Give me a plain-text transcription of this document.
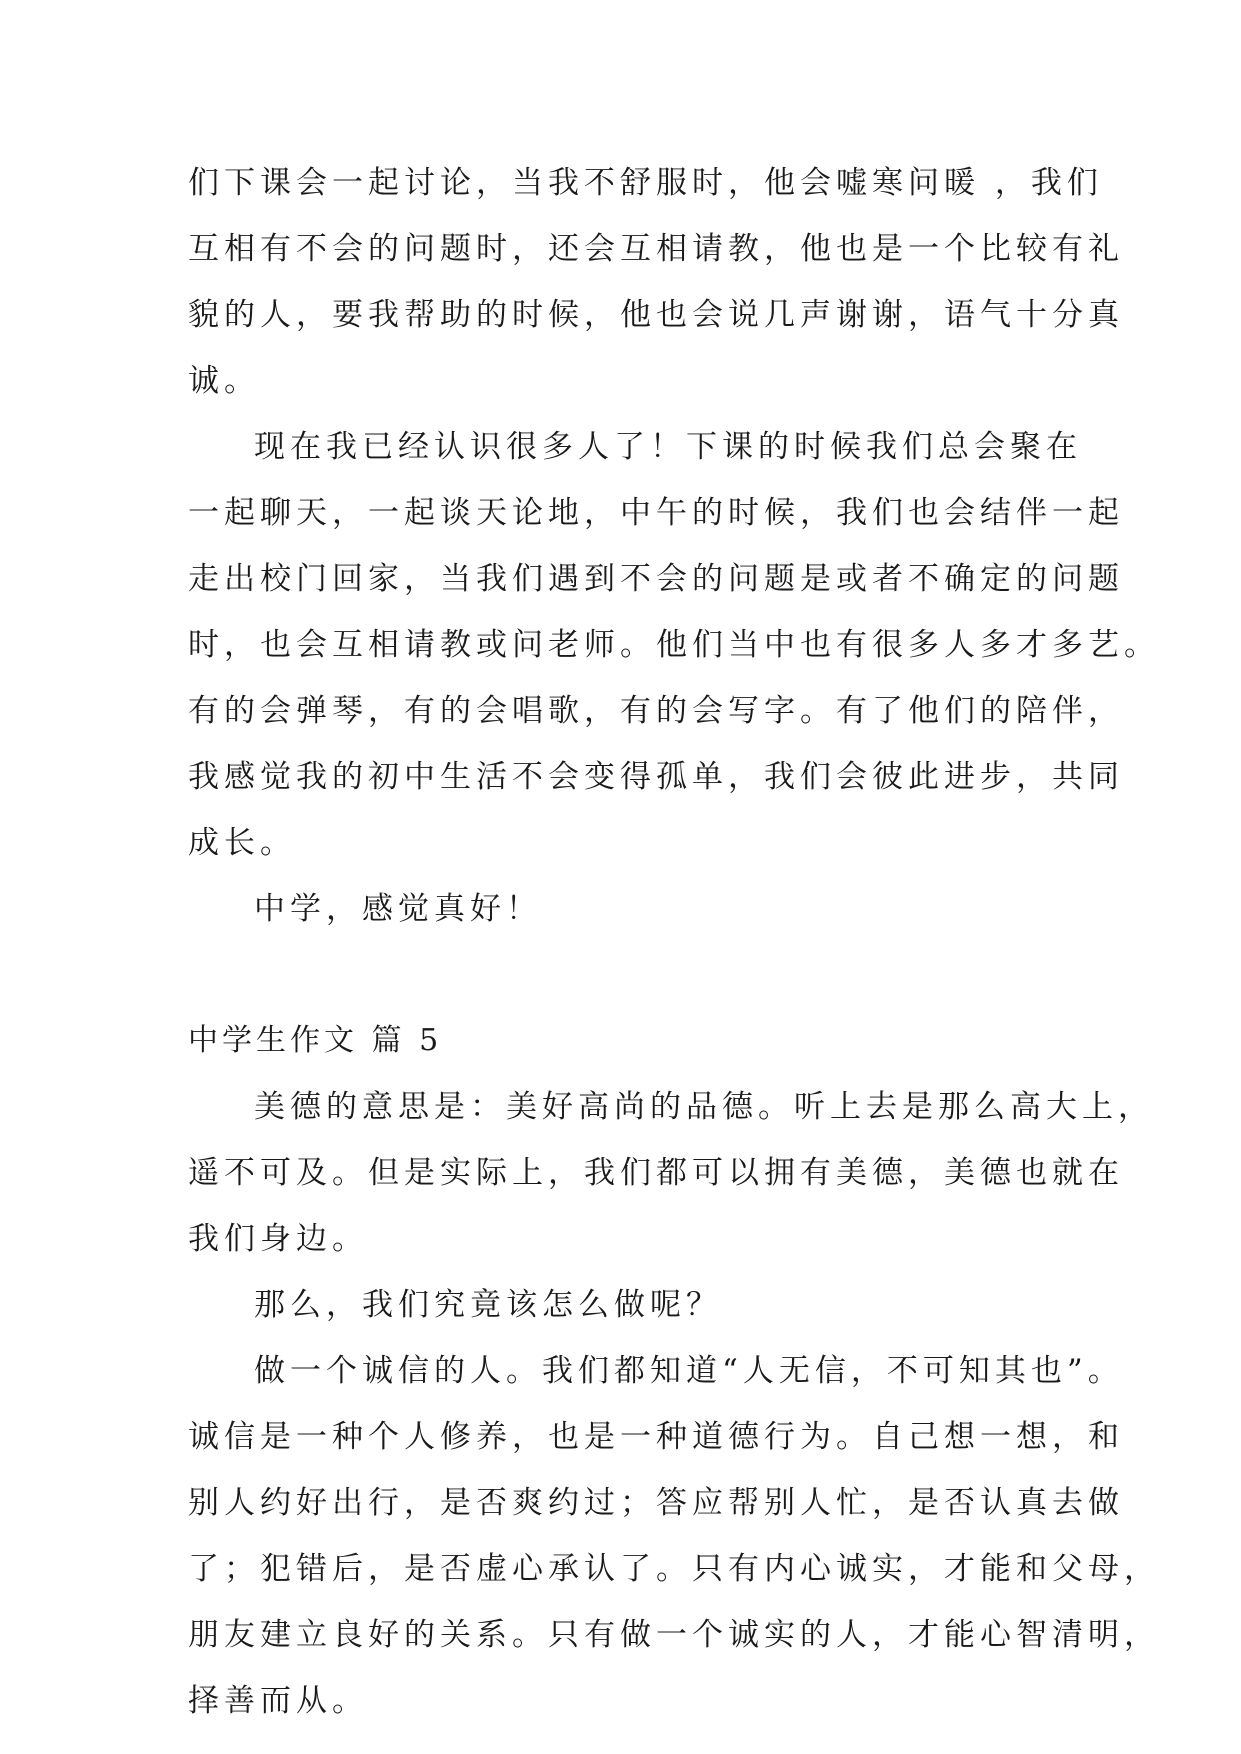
们下课会一起讨论，当我不舒服时，他会嘘寒问暖 ，我们
互相有不会的问题时，还会互相请教，他也是一个比较有礼
貌的人，要我帮助的时候，他也会说几声谢谢，语气十分真
诚。
现在我已经认识很多人了！下课的时候我们总会聚在
一起聊天，一起谈天论地，中午的时候，我们也会结伴一起
走出校门回家，当我们遇到不会的问题是或者不确定的问题
时，也会互相请教或问老师。他们当中也有很多人多才多艺。
有的会弹琴，有的会唱歌，有的会写字。有了他们的陪伴，
我感觉我的初中生活不会变得孤单，我们会彼此进步，共同
成长。
中学，感觉真好！
中学生作文 篇 5
美德的意思是：美好高尚的品德。听上去是那么高大上，
遥不可及。但是实际上，我们都可以拥有美德，美德也就在
我们身边。
那么，我们究竟该怎么做呢？
做一个诚信的人。我们都知道“人无信，不可知其也”。
诚信是一种个人修养，也是一种道德行为。自己想一想，和
别人约好出行，是否爽约过；答应帮别人忙，是否认真去做
了；犯错后，是否虚心承认了。只有内心诚实，才能和父母，
朋友建立良好的关系。只有做一个诚实的人，才能心智清明，
择善而从。
